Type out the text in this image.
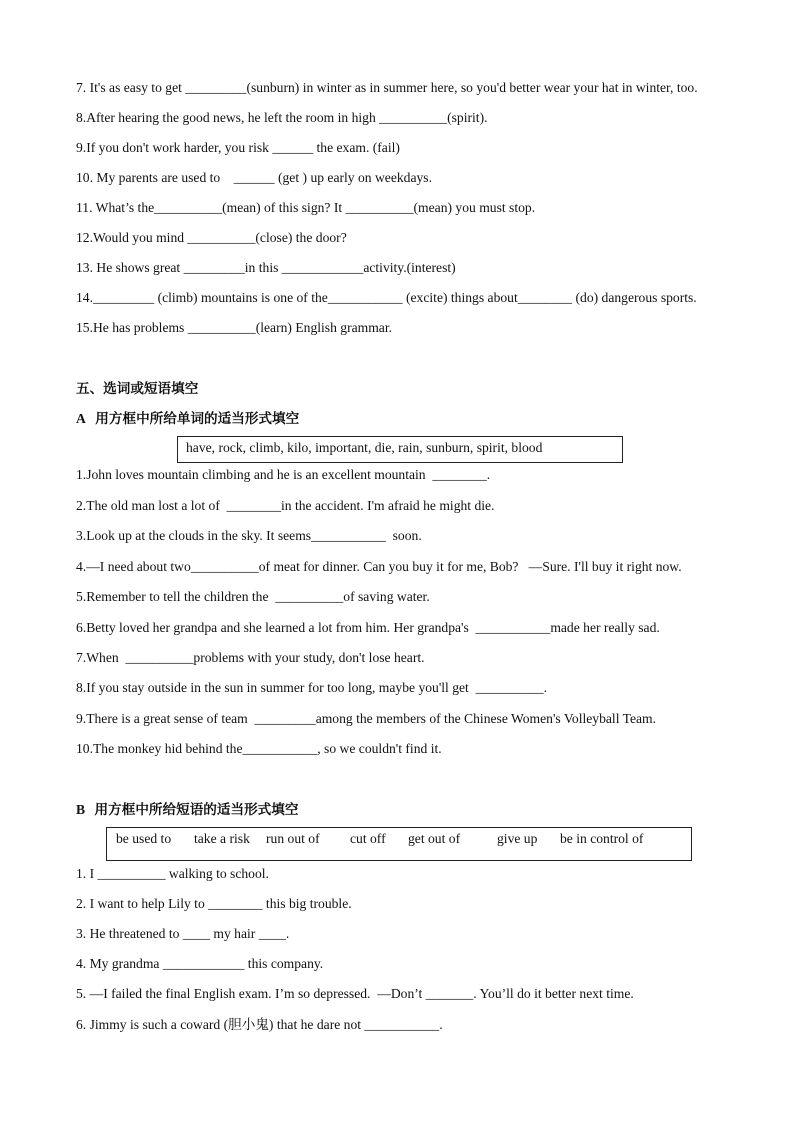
7. It's as easy to get _________(sunburn) in winter as in summer here, so you'd better wear your hat in winter, too.
8.After hearing the good news, he left the room in high __________(spirit).
9.If you don't work harder, you risk ______ the exam. (fail)
10. My parents are used to    ______ (get ) up early on weekdays.
11. What’s the__________(mean) of this sign? It __________(mean) you must stop.
12.Would you mind __________(close) the door?
13. He shows great _________in this ____________activity.(interest)
14._________ (climb) mountains is one of the___________ (excite) things about________ (do) dangerous sports.
15.He has problems __________(learn) English grammar.
五、选词或短语填空
A 用方框中所给单词的适当形式填空
have, rock, climb, kilo, important, die, rain, sunburn, spirit, blood
1.John loves mountain climbing and he is an excellent mountain  ________.
2.The old man lost a lot of  ________in the accident. I'm afraid he might die.
3.Look up at the clouds in the sky. It seems___________  soon.
4.—I need about two__________of meat for dinner. Can you buy it for me, Bob?   —Sure. I'll buy it right now.
5.Remember to tell the children the  __________of saving water.
6.Betty loved her grandpa and she learned a lot from him. Her grandpa's  ___________made her really sad.
7.When  __________problems with your study, don't lose heart.
8.If you stay outside in the sun in summer for too long, maybe you'll get  __________.
9.There is a great sense of team  _________among the members of the Chinese Women's Volleyball Team.
10.The monkey hid behind the___________, so we couldn't find it.
B 用方框中所给短语的适当形式填空
be used to take a risk run out of cut off get out of	give up be in control of
1. I __________ walking to school.
2. I want to help Lily to ________ this big trouble.
3. He threatened to ____ my hair ____.
4. My grandma ____________ this company.
5. —I failed the final English exam. I’m so depressed.  —Don’t _______. You’ll do it better next time.
6. Jimmy is such a coward (胆小鬼) that he dare not ___________.
